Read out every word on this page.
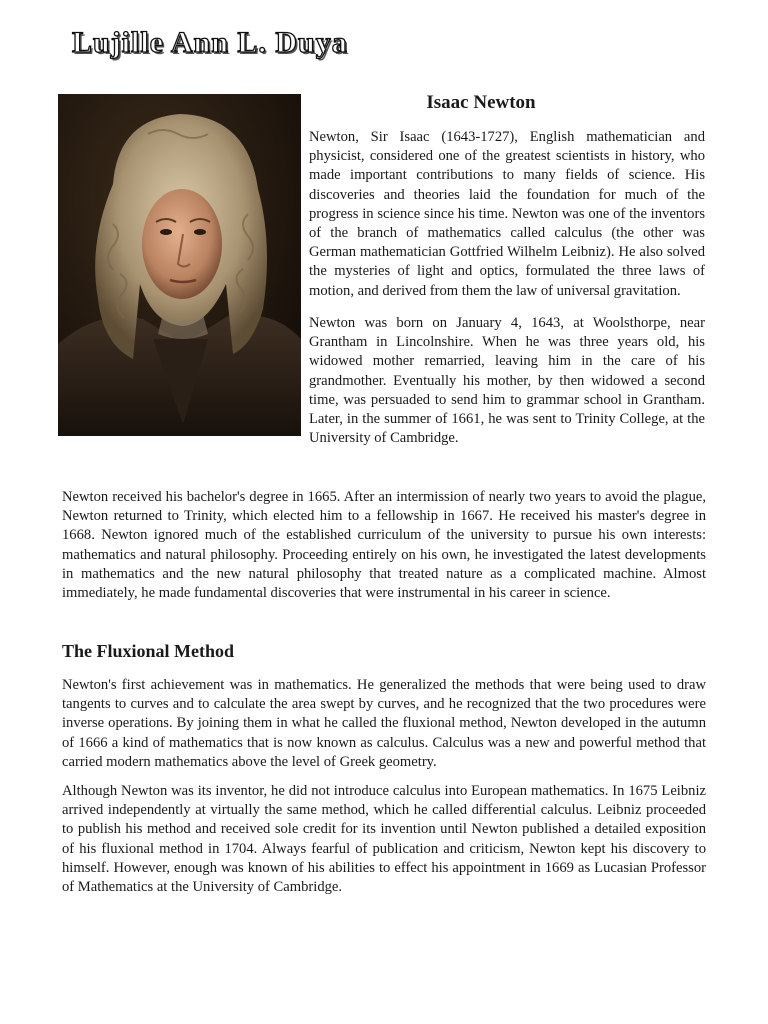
Lujille Ann L. Duya
Isaac Newton

Newton, Sir Isaac (1643-1727), English mathematician and physicist, considered one of the greatest scientists in history, who made important contributions to many fields of science. His discoveries and theories laid the foundation for much of the progress in science since his time. Newton was one of the inventors of the branch of mathematics called calculus (the other was German mathematician Gottfried Wilhelm Leibniz). He also solved the mysteries of light and optics, formulated the three laws of motion, and derived from them the law of universal gravitation.

Newton was born on January 4, 1643, at Woolsthorpe, near Grantham in Lincolnshire. When he was three years old, his widowed mother remarried, leaving him in the care of his grandmother. Eventually his mother, by then widowed a second time, was persuaded to send him to grammar school in Grantham. Later, in the summer of 1661, he was sent to Trinity College, at the University of Cambridge.

Newton received his bachelor's degree in 1665. After an intermission of nearly two years to avoid the plague, Newton returned to Trinity, which elected him to a fellowship in 1667. He received his master's degree in 1668. Newton ignored much of the established curriculum of the university to pursue his own interests: mathematics and natural philosophy. Proceeding entirely on his own, he investigated the latest developments in mathematics and the new natural philosophy that treated nature as a complicated machine. Almost immediately, he made fundamental discoveries that were instrumental in his career in science.

The Fluxional Method

Newton's first achievement was in mathematics. He generalized the methods that were being used to draw tangents to curves and to calculate the area swept by curves, and he recognized that the two procedures were inverse operations. By joining them in what he called the fluxional method, Newton developed in the autumn of 1666 a kind of mathematics that is now known as calculus. Calculus was a new and powerful method that carried modern mathematics above the level of Greek geometry.

Although Newton was its inventor, he did not introduce calculus into European mathematics. In 1675 Leibniz arrived independently at virtually the same method, which he called differential calculus. Leibniz proceeded to publish his method and received sole credit for its invention until Newton published a detailed exposition of his fluxional method in 1704. Always fearful of publication and criticism, Newton kept his discovery to himself. However, enough was known of his abilities to effect his appointment in 1669 as Lucasian Professor of Mathematics at the University of Cambridge.
